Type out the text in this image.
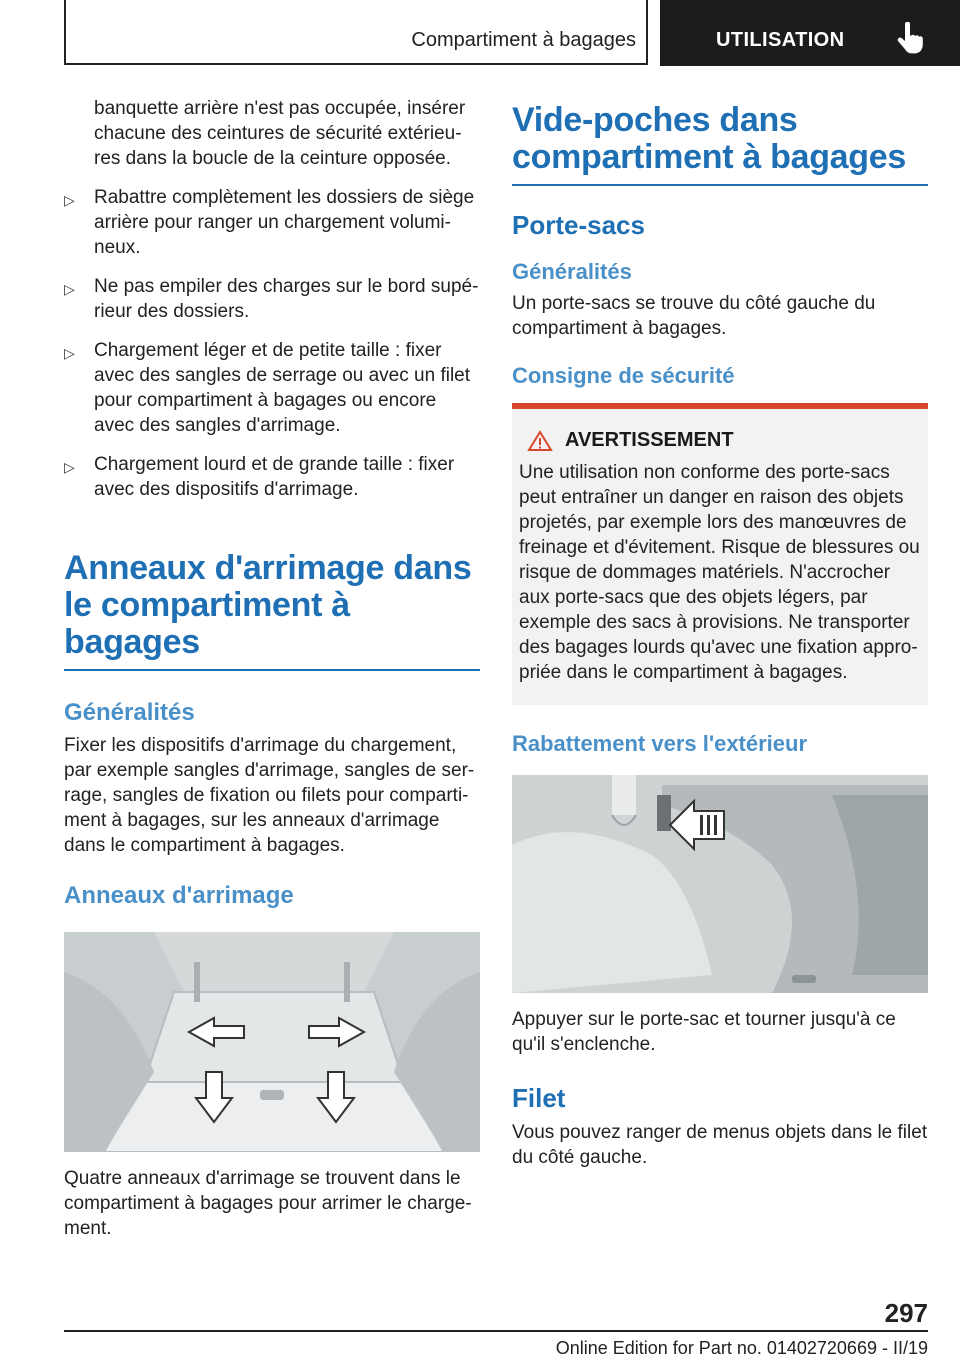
Compartiment à bagages	UTILISATION

banquette arrière n'est pas occupée, insérer chacune des ceintures de sécurité extérieu-res dans la boucle de la ceinture opposée.

▷ Rabattre complètement les dossiers de siège arrière pour ranger un chargement volumi-neux.
▷ Ne pas empiler des charges sur le bord supé-rieur des dossiers.
▷ Chargement léger et de petite taille : fixer avec des sangles de serrage ou avec un filet pour compartiment à bagages ou encore avec des sangles d'arrimage.
▷ Chargement lourd et de grande taille : fixer avec des dispositifs d'arrimage.
Anneaux d'arrimage dans le compartiment à bagages
Généralités

Fixer les dispositifs d'arrimage du chargement, par exemple sangles d'arrimage, sangles de ser-rage, sangles de fixation ou filets pour comparti-ment à bagages, sur les anneaux d'arrimage dans le compartiment à bagages.

Anneaux d'arrimage

Quatre anneaux d'arrimage se trouvent dans le compartiment à bagages pour arrimer le charge-ment.

Vide-poches dans compartiment à bagages
Porte-sacs
Généralités

Un porte-sacs se trouve du côté gauche du compartiment à bagages.

Consigne de sécurité
AVERTISSEMENT

Une utilisation non conforme des porte-sacs peut entraîner un danger en raison des objets projetés, par exemple lors des manœuvres de freinage et d'évitement. Risque de blessures ou risque de dommages matériels. N'accrocher aux porte-sacs que des objets légers, par exemple des sacs à provisions. Ne transporter des bagages lourds qu'avec une fixation appro-priée dans le compartiment à bagages.

Rabattement vers l'extérieur

Appuyer sur le porte-sac et tourner jusqu'à ce qu'il s'enclenche.

Filet

Vous pouvez ranger de menus objets dans le filet du côté gauche.

297
Online Edition for Part no. 01402720669 - II/19
